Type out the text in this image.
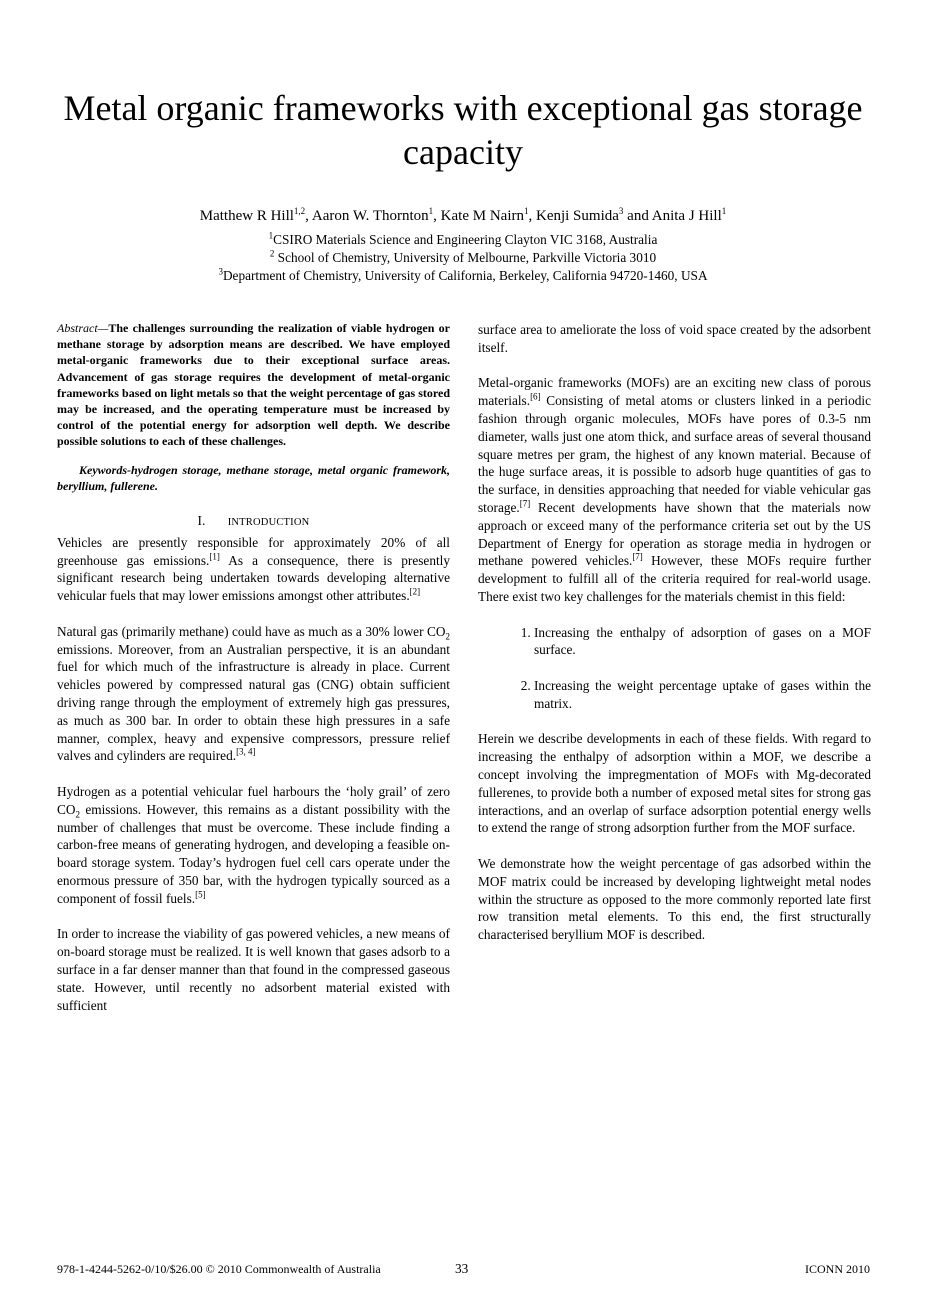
Metal organic frameworks with exceptional gas storage capacity
Matthew R Hill$^{1,2}$, Aaron W. Thornton$^1$, Kate M Nairn$^1$, Kenji Sumida$^3$ and Anita J Hill$^1$
$^1$CSIRO Materials Science and Engineering Clayton VIC 3168, Australia
$^2$ School of Chemistry, University of Melbourne, Parkville Victoria 3010
$^3$Department of Chemistry, University of California, Berkeley, California 94720-1460, USA

Abstract—The challenges surrounding the realization of viable hydrogen or methane storage by adsorption means are described. We have employed metal-organic frameworks due to their exceptional surface areas. Advancement of gas storage requires the development of metal-organic frameworks based on light metals so that the weight percentage of gas stored may be increased, and the operating temperature must be increased by control of the potential energy for adsorption well depth. We describe possible solutions to each of these challenges.

Keywords-hydrogen storage, methane storage, metal organic framework, beryllium, fullerene.

I. INTRODUCTION

Vehicles are presently responsible for approximately 20% of all greenhouse gas emissions.[1] As a consequence, there is presently significant research being undertaken towards developing alternative vehicular fuels that may lower emissions amongst other attributes.[2]

Natural gas (primarily methane) could have as much as a 30% lower $CO_2$ emissions. Moreover, from an Australian perspective, it is an abundant fuel for which much of the infrastructure is already in place. Current vehicles powered by compressed natural gas (CNG) obtain sufficient driving range through the employment of extremely high gas pressures, as much as 300 bar. In order to obtain these high pressures in a safe manner, complex, heavy and expensive compressors, pressure relief valves and cylinders are required.[3, 4]

Hydrogen as a potential vehicular fuel harbours the ‘holy grail’ of zero $CO_2$ emissions. However, this remains as a distant possibility with the number of challenges that must be overcome. These include finding a carbon-free means of generating hydrogen, and developing a feasible on-board storage system. Today’s hydrogen fuel cell cars operate under the enormous pressure of 350 bar, with the hydrogen typically sourced as a component of fossil fuels.[5]

In order to increase the viability of gas powered vehicles, a new means of on-board storage must be realized. It is well known that gases adsorb to a surface in a far denser manner than that found in the compressed gaseous state. However, until recently no adsorbent material existed with sufficient

surface area to ameliorate the loss of void space created by the adsorbent itself.

Metal-organic frameworks (MOFs) are an exciting new class of porous materials.[6] Consisting of metal atoms or clusters linked in a periodic fashion through organic molecules, MOFs have pores of 0.3-5 nm diameter, walls just one atom thick, and surface areas of several thousand square metres per gram, the highest of any known material. Because of the huge surface areas, it is possible to adsorb huge quantities of gas to the surface, in densities approaching that needed for viable vehicular gas storage.[7] Recent developments have shown that the materials now approach or exceed many of the performance criteria set out by the US Department of Energy for operation as storage media in hydrogen or methane powered vehicles.[7] However, these MOFs require further development to fulfill all of the criteria required for real-world usage. There exist two key challenges for the materials chemist in this field:

1. Increasing the enthalpy of adsorption of gases on a MOF surface.
2. Increasing the weight percentage uptake of gases within the matrix.

Herein we describe developments in each of these fields. With regard to increasing the enthalpy of adsorption within a MOF, we describe a concept involving the impregmentation of MOFs with Mg-decorated fullerenes, to provide both a number of exposed metal sites for strong gas interactions, and an overlap of surface adsorption potential energy wells to extend the range of strong adsorption further from the MOF surface.

We demonstrate how the weight percentage of gas adsorbed within the MOF matrix could be increased by developing lightweight metal nodes within the structure as opposed to the more commonly reported late first row transition metal elements. To this end, the first structurally characterised beryllium MOF is described.

978-1-4244-5262-0/10/$26.00 © 2010 Commonwealth of Australia	33	ICONN 2010
